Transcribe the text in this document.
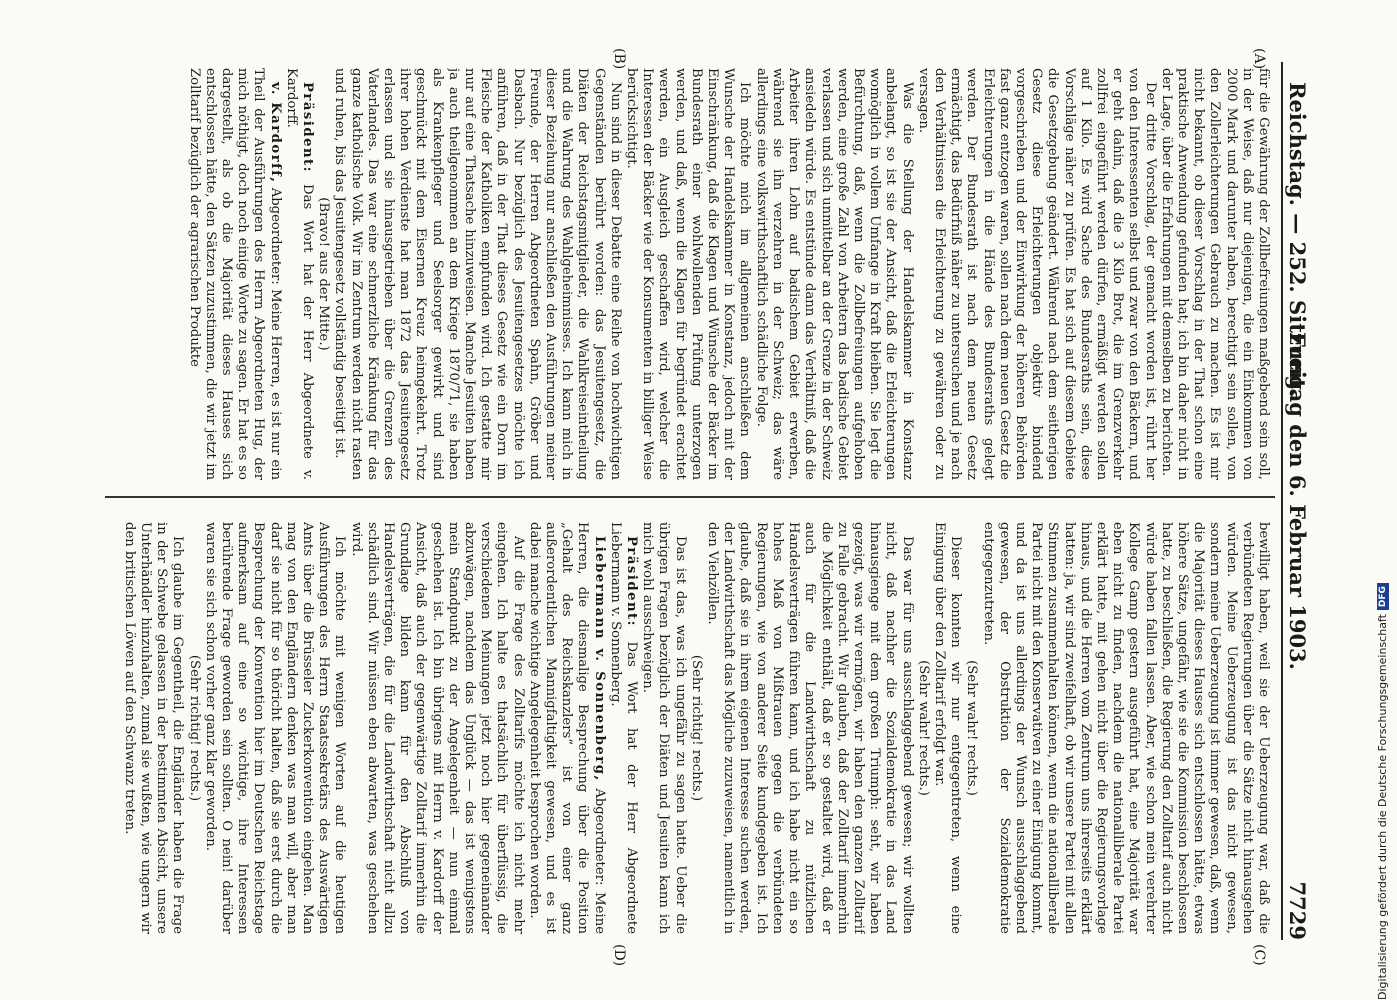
Reichstag. — 252. Sitzung.
Freitag den 6. Februar 1903.
7729
(A)
(B)
(C)
(D)

für die Gewährung der Zollbefreiungen maßgebend sein soll, in der Weise, daß nur diejenigen, die ein Einkommen von 2000 Mark und darunter haben, berechtigt sein sollen, von den Zollerleichterungen Gebrauch zu machen. Es ist mir nicht bekannt, ob dieser Vorschlag in der That schon eine praktische Anwendung gefunden hat; ich bin daher nicht in der Lage, über die Erfahrungen mit demselben zu berichten.

Der dritte Vorschlag, der gemacht worden ist, rührt her von den Interessenten selbst und zwar von den Bäckern, und er geht dahin, daß die 3 Kilo Brot, die im Grenzverkehr zollfrei eingeführt werden dürfen, ermäßigt werden sollen auf 1 Kilo. Es wird Sache des Bundesraths sein, diese Vorschläge näher zu prüfen. Es hat sich auf diesem Gebiete die Gesetzgebung geändert. Während nach dem seitherigen Gesetz diese Erleichterungen objektiv bindend vorgeschrieben und der Einwirkung der höheren Behörden fast ganz entzogen waren, sollen nach dem neuen Gesetz die Erleichterungen in die Hände des Bundesraths gelegt werden. Der Bundesrath ist nach dem neuen Gesetz ermächtigt, das Bedürfniß näher zu untersuchen und je nach den Verhältnissen die Erleichterung zu gewähren oder zu versagen.

Was die Stellung der Handelskammer in Konstanz anbelangt, so ist sie der Ansicht, daß die Erleichterungen womöglich in vollem Umfange in Kraft bleiben. Sie legt die Befürchtung, daß, wenn die Zollbefreiungen aufgehoben werden, eine große Zahl von Arbeitern das badische Gebiet verlassen und sich unmittelbar an der Grenze in der Schweiz ansiedeln würde. Es entstünde dann das Verhältniß, daß die Arbeiter ihren Lohn auf badischem Gebiet erwerben, während sie ihn verzehren in der Schweiz; das wäre allerdings eine volkswirthschaftlich schädliche Folge.

Ich möchte mich im allgemeinen anschließen dem Wunsche der Handelskammer in Konstanz, jedoch mit der Einschränkung, daß die Klagen und Wünsche der Bäcker im Bundesrath einer wohlwollenden Prüfung unterzogen werden, und daß, wenn die Klagen für begründet erachtet werden, ein Ausgleich geschaffen wird, welcher die Interessen der Bäcker wie der Konsumenten in billiger Weise berücksichtigt.

Nun sind in dieser Debatte eine Reihe von hochwichtigen Gegenständen berührt worden: das Jesuitengesetz, die Diäten der Reichstagsmitglieder, die Wahlkreiseintheilung und die Wahrung des Wahlgeheimnisses. Ich kann mich in dieser Beziehung nur anschließen den Ausführungen meiner Freunde, der Herren Abgeordneten Spahn, Gröber und Dasbach. Nur bezüglich des Jesuitengesetzes möchte ich anführen, daß in der That dieses Gesetz wie ein Dorn im Fleische der Katholiken empfunden wird. Ich gestatte mir nur auf eine Thatsache hinzuweisen. Manche Jesuiten haben ja auch theilgenommen an dem Kriege 1870/71, sie haben als Krankenpfleger und Seelsorger gewirkt und sind geschmückt mit dem Eisernen Kreuz heimgekehrt. Trotz ihrer hohen Verdienste hat man 1872 das Jesuitengesetz erlassen und sie hinausgetrieben über die Grenzen des Vaterlandes. Das war eine schmerzliche Kränkung für das ganze katholische Volk. Wir im Zentrum werden nicht rasten und ruhen, bis das Jesuitengesetz vollständig beseitigt ist.

(Bravo! aus der Mitte.)

Präsident: Das Wort hat der Herr Abgeordnete v. Kardorff.

v. Kardorff, Abgeordneter: Meine Herren, es ist nur ein Theil der Ausführungen des Herrn Abgeordneten Hug, der mich nöthigt, doch noch einige Worte zu sagen. Er hat es so dargestellt, als ob die Majorität dieses Hauses sich entschlossen hätte, den Sätzen zuzustimmen, die wir jetzt im Zolltarif bezüglich der agrarischen Produkte

bewilligt haben, weil sie der Ueberzeugung war, daß die verbündeten Regierungen über die Sätze nicht hinausgehen würden. Meine Ueberzeugung ist das nicht gewesen, sondern meine Ueberzeugung ist immer gewesen, daß, wenn die Majorität dieses Hauses sich entschlossen hätte, etwas höhere Sätze, ungefähr, wie sie die Kommission beschlossen hatte, zu beschließen, die Regierung den Zolltarif auch nicht würde haben fallen lassen. Aber, wie schon mein verehrter Kollege Gamp gestern ausgeführt hat, eine Majorität war eben nicht zu finden, nachdem die nationalliberale Partei erklärt hatte, mit gehen nicht über die Regierungsvorlage hinaus, und die Herren vom Zentrum uns ihrerseits erklärt hatten: ja, wir sind zweifelhaft, ob wir unsere Partei mit allen Stimmen zusammenhalten können, wenn die nationalliberale Partei nicht mit den Konservativen zu einer Einigung kommt, und da ist uns allerdings der Wunsch ausschlaggebend gewesen, der Obstruktion der Sozialdemokratie entgegenzutreten.

(Sehr wahr! rechts.)

Dieser konnten wir nur entgegentreten, wenn eine Einigung über den Zolltarif erfolgt war.

(Sehr wahr! rechts.)

Das war für uns ausschlaggebend gewesen; wir wollten nicht, daß nachher die Sozialdemokratie in das Land hinausgienge mit dem großen Triumph: seht, wir haben gezeigt, was wir vermögen, wir haben den ganzen Zolltarif zu Falle gebracht. Wir glauben, daß der Zolltarif immerhin die Möglichkeit enthält, daß er so gestaltet wird, daß er auch für die Landwirthschaft zu nützlichen Handelsverträgen führen kann, und ich habe nicht ein so hohes Maß von Mißtrauen gegen die verbündeten Regierungen, wie von anderer Seite kundgegeben ist. Ich glaube, daß sie in ihrem eigenen Interesse suchen werden, der Landwirthschaft das Mögliche zuzuweisen, namentlich in den Viehzöllen.

(Sehr richtig! rechts.)

Das ist das, was ich ungefähr zu sagen hatte. Ueber die übrigen Fragen bezüglich der Diäten und Jesuiten kann ich mich wohl ausschweigen.

Präsident: Das Wort hat der Herr Abgeordnete Liebermann v. Sonnenberg.

Liebermann v. Sonnenberg, Abgeordneter: Meine Herren, die diesmalige Besprechung über die Position „Gehalt des Reichskanzlers“ ist von einer ganz außerordentlichen Mannigfaltigkeit gewesen, und es ist dabei manche wichtige Angelegenheit besprochen worden.

Auf die Frage des Zolltarifs möchte ich nicht mehr eingehen. Ich halte es thatsächlich für überflüssig, die verschiedenen Meinungen jetzt noch hier gegeneinander abzuwägen, nachdem das Unglück — das ist wenigstens mein Standpunkt zu der Angelegenheit — nun einmal geschehen ist. Ich bin übrigens mit Herrn v. Kardorff der Ansicht, daß auch der gegenwärtige Zolltarif immerhin die Grundlage bilden kann für den Abschluß von Handelsverträgen, die für die Landwirthschaft nicht allzu schädlich sind. Wir müssen eben abwarten, was geschehen wird.

Ich möchte mit wenigen Worten auf die heutigen Ausführungen des Herrn Staatssekretärs des Auswärtigen Amts über die Brüsseler Zuckerkonvention eingehen. Man mag von den Engländern denken was man will, aber man darf sie nicht für so thöricht halten, daß sie erst durch die Besprechung der Konvention hier im Deutschen Reichstage aufmerksam auf eine so wichtige, ihre Interessen berührende Frage geworden sein sollten. O nein! darüber waren sie sich schon vorher ganz klar geworden.

(Sehr richtig! rechts.)

Ich glaube im Gegentheil, die Engländer haben die Frage in der Schwebe gelassen in der bestimmten Absicht, unsere Unterhändler hinzuhalten, zumal sie wußten, wie ungern wir den britischen Löwen auf den Schwanz treten.	Digitalisierung gefördert durch die Deutsche Forschungsgemeinschaft
DFG
